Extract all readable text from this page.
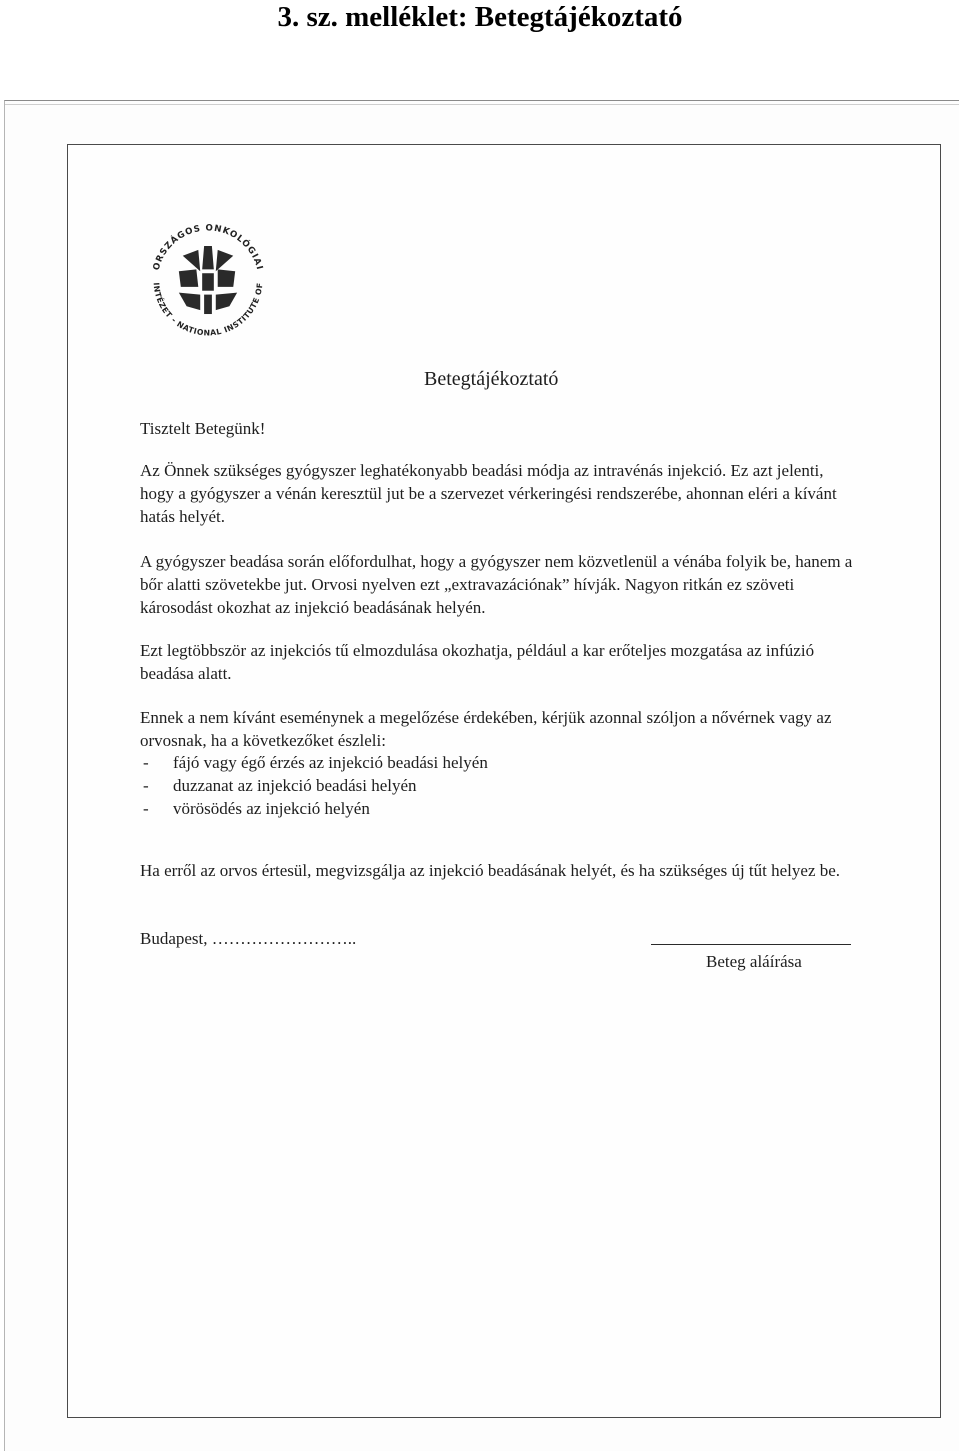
3. sz. melléklet: Betegtájékoztató
ORSZÁGOS ONKOLÓGIAI
INTÉZET - NATIONAL INSTITUTE OF
Betegtájékoztató
Tisztelt Betegünk!

Az Önnek szükséges gyógyszer leghatékonyabb beadási módja az intravénás injekció. Ez azt jelenti, hogy a gyógyszer a vénán keresztül jut be a szervezet vérkeringési rendszerébe, ahonnan eléri a kívánt hatás helyét.

A gyógyszer beadása során előfordulhat, hogy a gyógyszer nem közvetlenül a vénába folyik be, hanem a bőr alatti szövetekbe jut. Orvosi nyelven ezt „extravazációnak” hívják. Nagyon ritkán ez szöveti károsodást okozhat az injekció beadásának helyén.

Ezt legtöbbször az injekciós tű elmozdulása okozhatja, például a kar erőteljes mozgatása az infúzió beadása alatt.

Ennek a nem kívánt eseménynek a megelőzése érdekében, kérjük azonnal szóljon a nővérnek vagy az orvosnak, ha a következőket észleli:

-	fájó vagy égő érzés az injekció beadási helyén
-	duzzanat az injekció beadási helyén
-	vörösödés az injekció helyén

Ha erről az orvos értesül, megvizsgálja az injekció beadásának helyét, és ha szükséges új tűt helyez be.

Budapest, ……………………..
Beteg aláírása
